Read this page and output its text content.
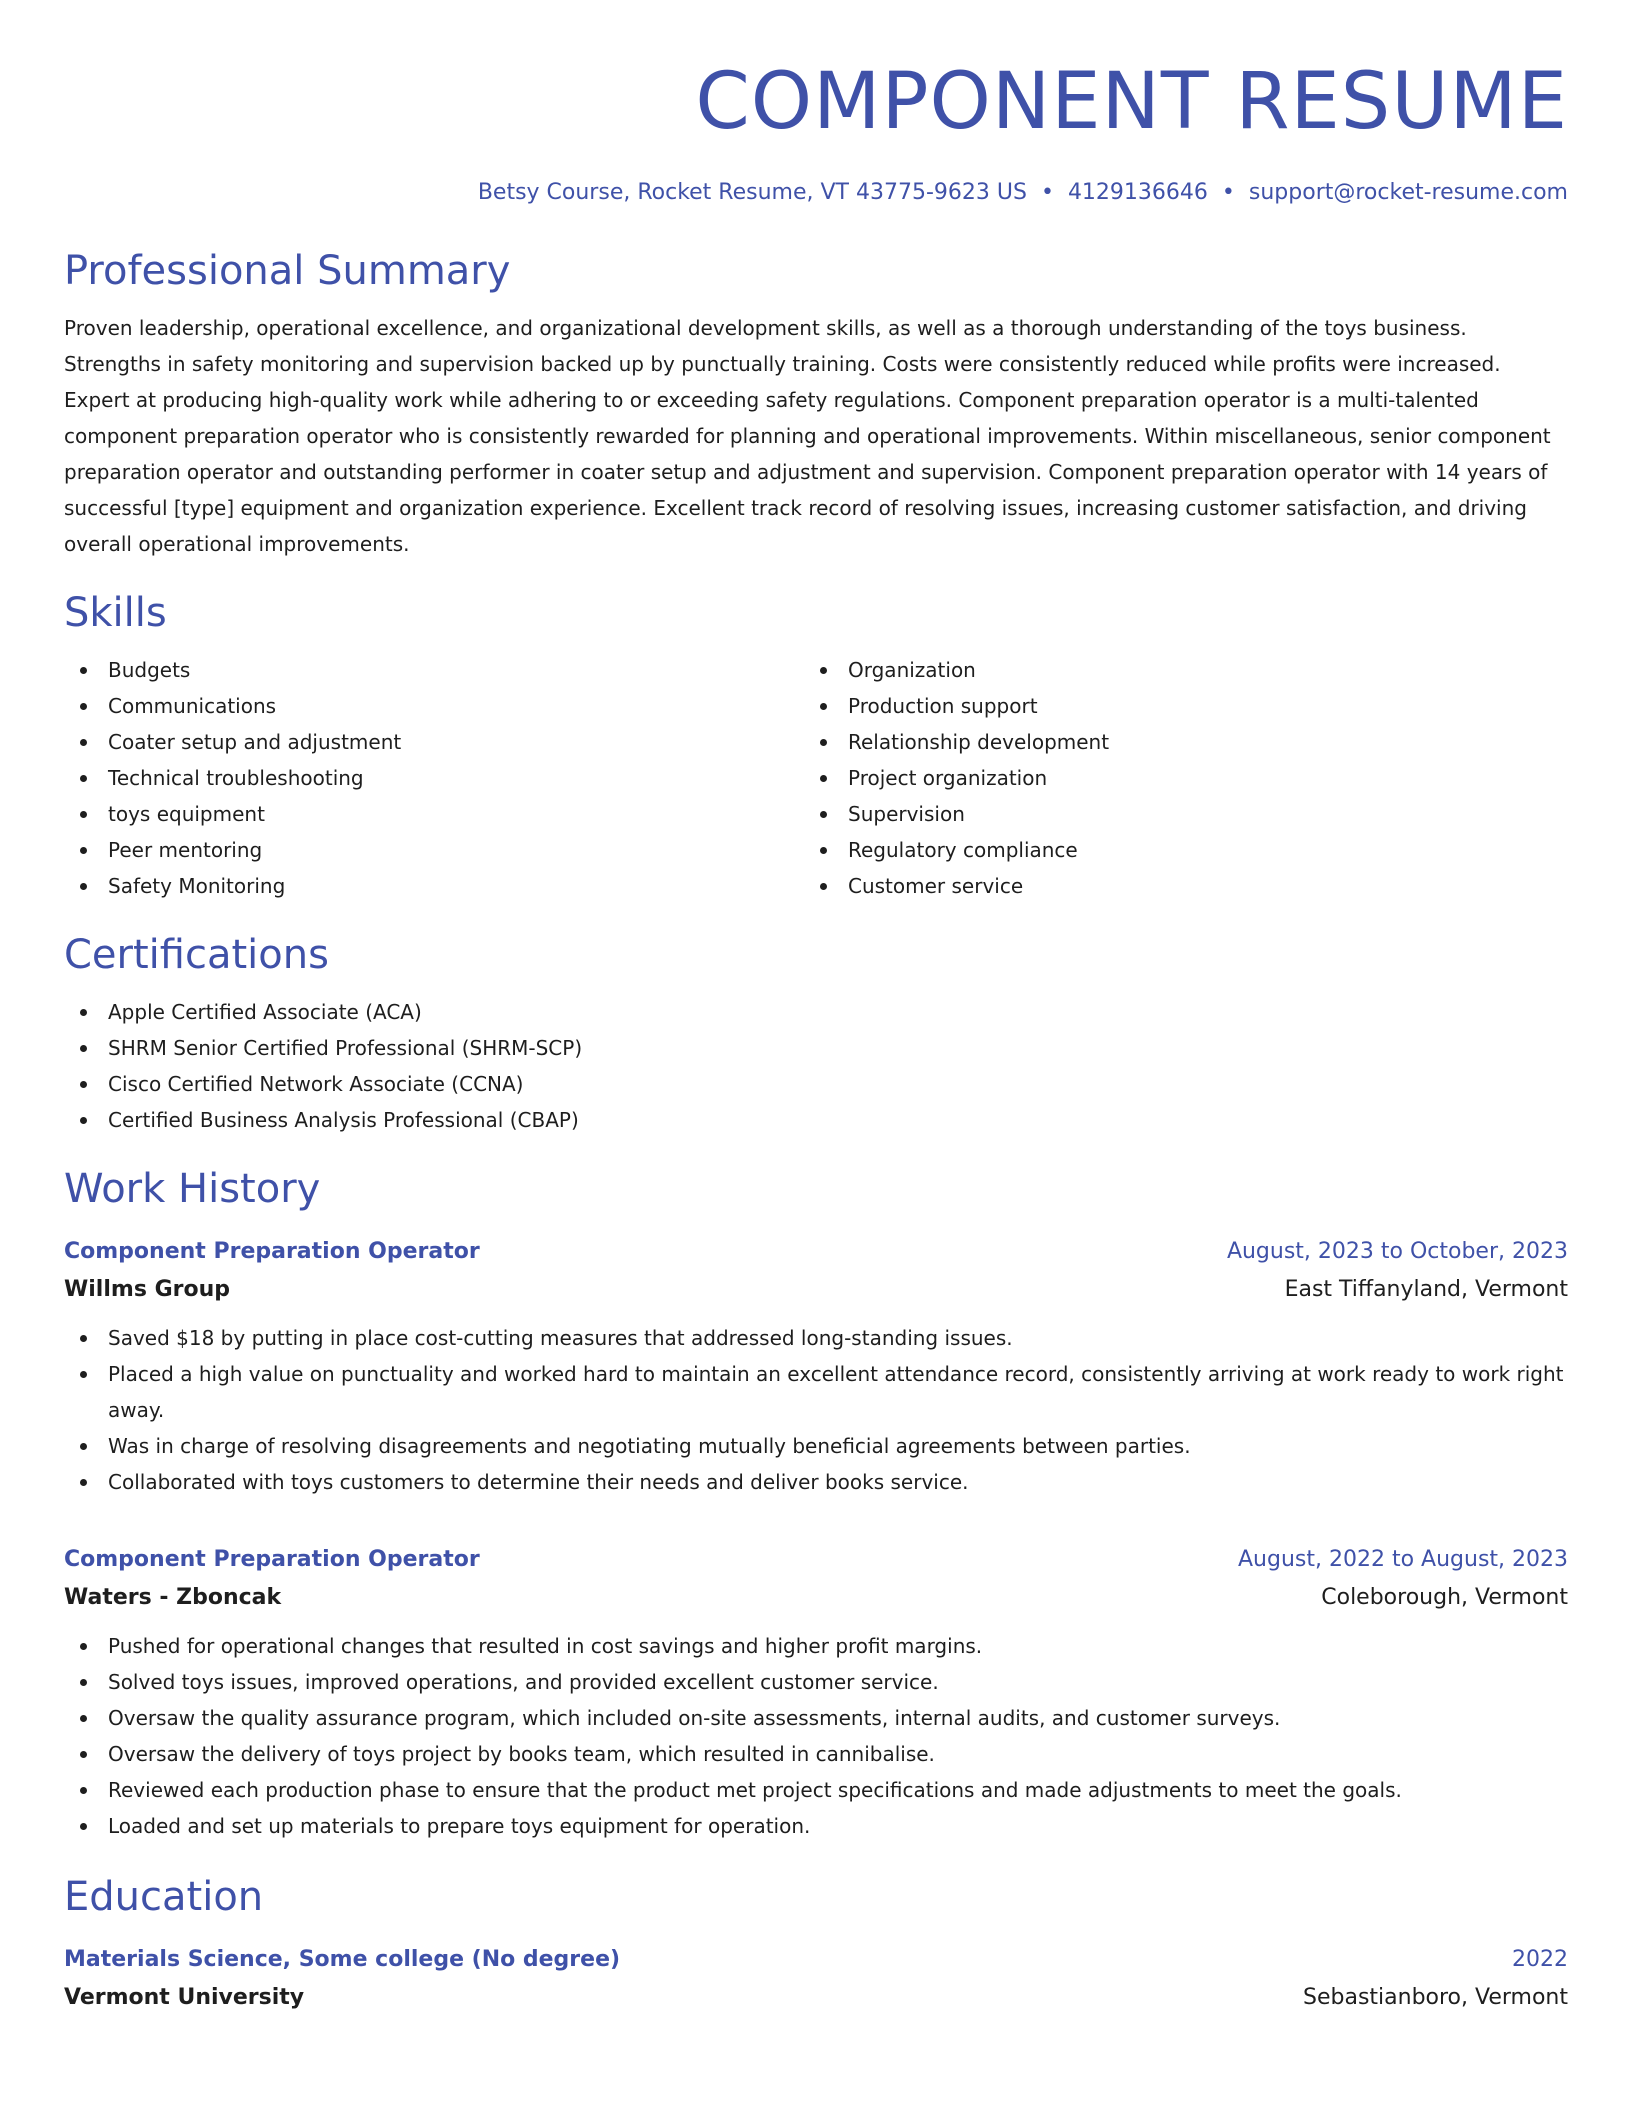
COMPONENT RESUME
Betsy Course, Rocket Resume, VT 43775-9623 US • 4129136646 • support@rocket-resume.com
Professional Summary
Proven leadership, operational excellence, and organizational development skills, as well as a thorough understanding of the toys business. Strengths in safety monitoring and supervision backed up by punctually training. Costs were consistently reduced while profits were increased. Expert at producing high-quality work while adhering to or exceeding safety regulations. Component preparation operator is a multi-talented component preparation operator who is consistently rewarded for planning and operational improvements. Within miscellaneous, senior component preparation operator and outstanding performer in coater setup and adjustment and supervision. Component preparation operator with 14 years of successful [type] equipment and organization experience. Excellent track record of resolving issues, increasing customer satisfaction, and driving overall operational improvements.
Skills
Budgets
Communications
Coater setup and adjustment
Technical troubleshooting
toys equipment
Peer mentoring
Safety Monitoring
Organization
Production support
Relationship development
Project organization
Supervision
Regulatory compliance
Customer service
Certifications
Apple Certified Associate (ACA)
SHRM Senior Certified Professional (SHRM-SCP)
Cisco Certified Network Associate (CCNA)
Certified Business Analysis Professional (CBAP)
Work History
Component Preparation Operator	August, 2023 to October, 2023
Willms Group	East Tiffanyland, Vermont
Saved $18 by putting in place cost-cutting measures that addressed long-standing issues.
Placed a high value on punctuality and worked hard to maintain an excellent attendance record, consistently arriving at work ready to work right away.
Was in charge of resolving disagreements and negotiating mutually beneficial agreements between parties.
Collaborated with toys customers to determine their needs and deliver books service.
Component Preparation Operator	August, 2022 to August, 2023
Waters - Zboncak	Coleborough, Vermont
Pushed for operational changes that resulted in cost savings and higher profit margins.
Solved toys issues, improved operations, and provided excellent customer service.
Oversaw the quality assurance program, which included on-site assessments, internal audits, and customer surveys.
Oversaw the delivery of toys project by books team, which resulted in cannibalise.
Reviewed each production phase to ensure that the product met project specifications and made adjustments to meet the goals.
Loaded and set up materials to prepare toys equipment for operation.
Education
Materials Science, Some college (No degree)	2022
Vermont University	Sebastianboro, Vermont
